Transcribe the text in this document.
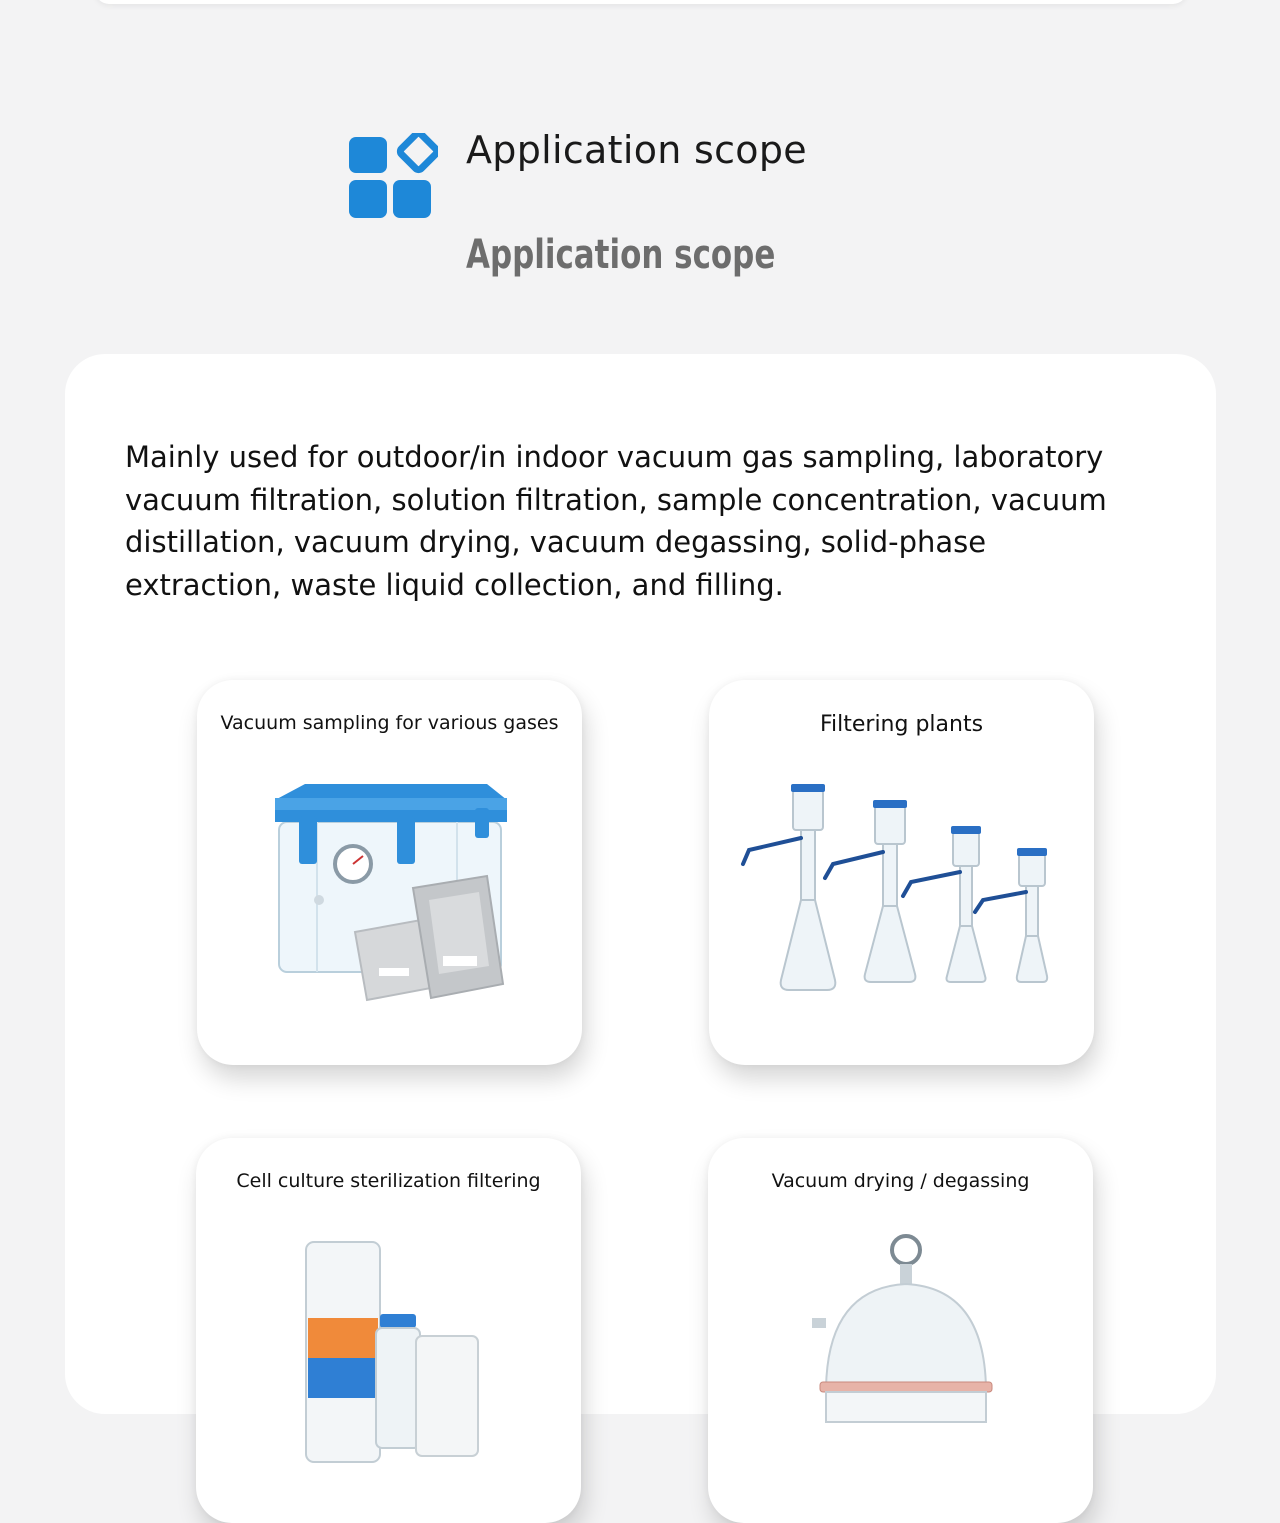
Application scope
Application scope
Mainly used for outdoor/in indoor vacuum gas sampling, laboratory vacuum filtration, solution filtration, sample concentration, vacuum distillation, vacuum drying, vacuum degassing, solid-phase extraction, waste liquid collection, and filling.
Vacuum sampling for various gases	Filtering plants
Cell culture sterilization filtering	Vacuum drying / degassing
